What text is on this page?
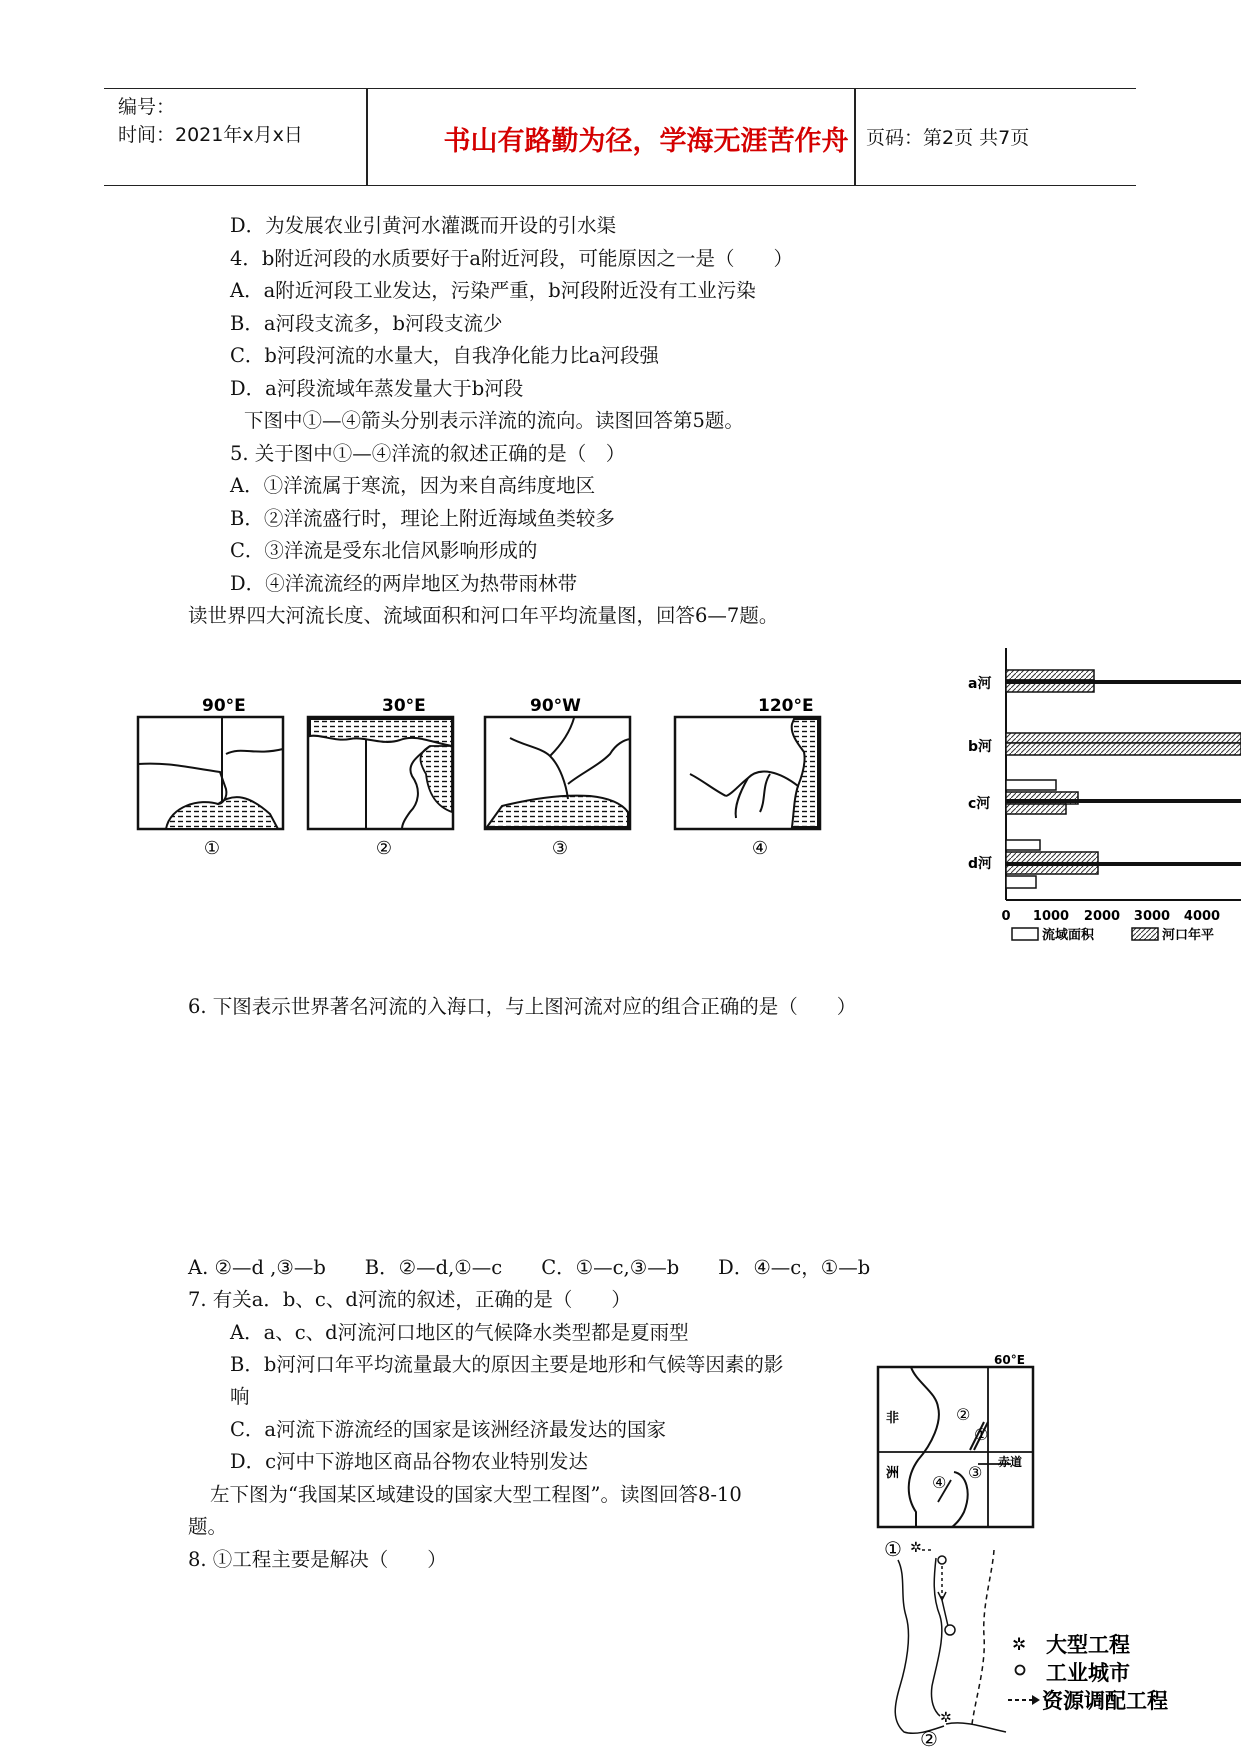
编号：
时间：2021年x月x日	书山有路勤为径，学海无涯苦作舟 页码：第2页 共7页
D．为发展农业引黄河水灌溉而开设的引水渠
4．b附近河段的水质要好于a附近河段，可能原因之一是（　　）
A．a附近河段工业发达，污染严重，b河段附近没有工业污染
B．a河段支流多，b河段支流少
C．b河段河流的水量大，自我净化能力比a河段强
D．a河段流域年蒸发量大于b河段
下图中①—④箭头分别表示洋流的流向。读图回答第5题。
5. 关于图中①—④洋流的叙述正确的是（　）
A．①洋流属于寒流，因为来自高纬度地区
B．②洋流盛行时，理论上附近海域鱼类较多
C．③洋流是受东北信风影响形成的
D．④洋流流经的两岸地区为热带雨林带
读世界四大河流长度、流域面积和河口年平均流量图，回答6—7题。
6. 下图表示世界著名河流的入海口，与上图河流对应的组合正确的是（　　）
A. ②—d ,③—b　　B．②—d,①—c　　C．①—c,③—b　　D．④—c，①—b
7. 有关a．b、c、d河流的叙述，正确的是（　　）
A．a、c、d河流河口地区的气候降水类型都是夏雨型
B．b河河口年平均流量最大的原因主要是地形和气候等因素的影
响
C．a河流下游流经的国家是该洲经济最发达的国家
D．c河中下游地区商品谷物农业特别发达
左下图为“我国某区域建设的国家大型工程图”。读图回答8-10
题。
8. ①工程主要是解决（　　）
90°E
①
30°E
②
90°W
③
120°E
④
a河
b河
c河
d河
0 1000 2000 3000 4000
流域面积	河口年平
60°E
非
洲
赤道
②
①
③
④
① ✲
✲
②
✲ 大型工程
工业城市
资源调配工程
